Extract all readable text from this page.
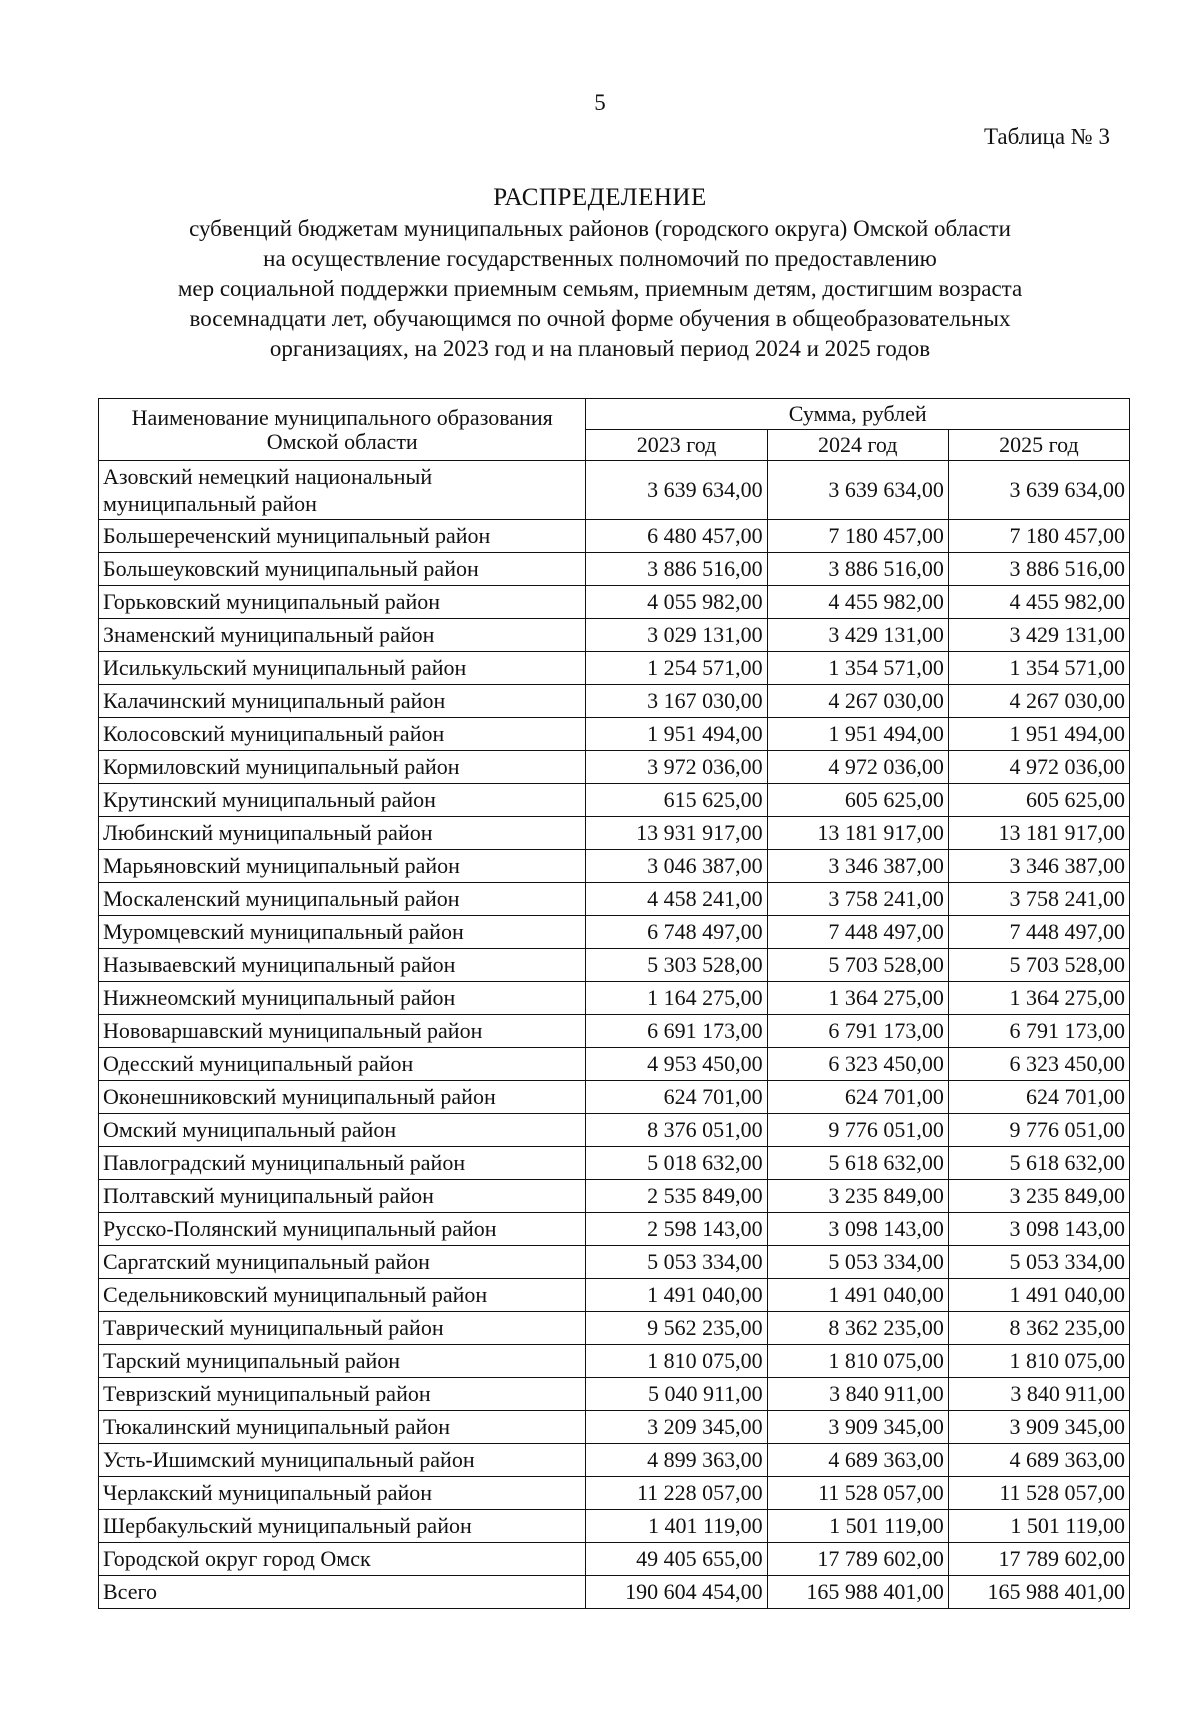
5
Таблица № 3
РАСПРЕДЕЛЕНИЕ
субвенций бюджетам муниципальных районов (городского округа) Омской области
на осуществление государственных полномочий по предоставлению
мер социальной поддержки приемным семьям, приемным детям, достигшим возраста
восемнадцати лет, обучающимся по очной форме обучения в общеобразовательных
организациях, на 2023 год и на плановый период 2024 и 2025 годов
Наименование муниципального образования Омской области	Сумма, рублей		
	2023 год	2024 год	2025 год
Азовский немецкий национальный муниципальный район	3 639 634,00	3 639 634,00	3 639 634,00
Большереченский муниципальный район	6 480 457,00	7 180 457,00	7 180 457,00
Большеуковский муниципальный район	3 886 516,00	3 886 516,00	3 886 516,00
Горьковский муниципальный район	4 055 982,00	4 455 982,00	4 455 982,00
Знаменский муниципальный район	3 029 131,00	3 429 131,00	3 429 131,00
Исилькульский муниципальный район	1 254 571,00	1 354 571,00	1 354 571,00
Калачинский муниципальный район	3 167 030,00	4 267 030,00	4 267 030,00
Колосовский муниципальный район	1 951 494,00	1 951 494,00	1 951 494,00
Кормиловский муниципальный район	3 972 036,00	4 972 036,00	4 972 036,00
Крутинский муниципальный район	615 625,00	605 625,00	605 625,00
Любинский муниципальный район	13 931 917,00	13 181 917,00	13 181 917,00
Марьяновский муниципальный район	3 046 387,00	3 346 387,00	3 346 387,00
Москаленский муниципальный район	4 458 241,00	3 758 241,00	3 758 241,00
Муромцевский муниципальный район	6 748 497,00	7 448 497,00	7 448 497,00
Называевский муниципальный район	5 303 528,00	5 703 528,00	5 703 528,00
Нижнеомский муниципальный район	1 164 275,00	1 364 275,00	1 364 275,00
Нововаршавский муниципальный район	6 691 173,00	6 791 173,00	6 791 173,00
Одесский муниципальный район	4 953 450,00	6 323 450,00	6 323 450,00
Оконешниковский муниципальный район	624 701,00	624 701,00	624 701,00
Омский муниципальный район	8 376 051,00	9 776 051,00	9 776 051,00
Павлоградский муниципальный район	5 018 632,00	5 618 632,00	5 618 632,00
Полтавский муниципальный район	2 535 849,00	3 235 849,00	3 235 849,00
Русско-Полянский муниципальный район	2 598 143,00	3 098 143,00	3 098 143,00
Саргатский муниципальный район	5 053 334,00	5 053 334,00	5 053 334,00
Седельниковский муниципальный район	1 491 040,00	1 491 040,00	1 491 040,00
Таврический муниципальный район	9 562 235,00	8 362 235,00	8 362 235,00
Тарский муниципальный район	1 810 075,00	1 810 075,00	1 810 075,00
Тевризский муниципальный район	5 040 911,00	3 840 911,00	3 840 911,00
Тюкалинский муниципальный район	3 209 345,00	3 909 345,00	3 909 345,00
Усть-Ишимский муниципальный район	4 899 363,00	4 689 363,00	4 689 363,00
Черлакский муниципальный район	11 228 057,00	11 528 057,00	11 528 057,00
Шербакульский муниципальный район	1 401 119,00	1 501 119,00	1 501 119,00
Городской округ город Омск	49 405 655,00	17 789 602,00	17 789 602,00
Всего	190 604 454,00	165 988 401,00	165 988 401,00
